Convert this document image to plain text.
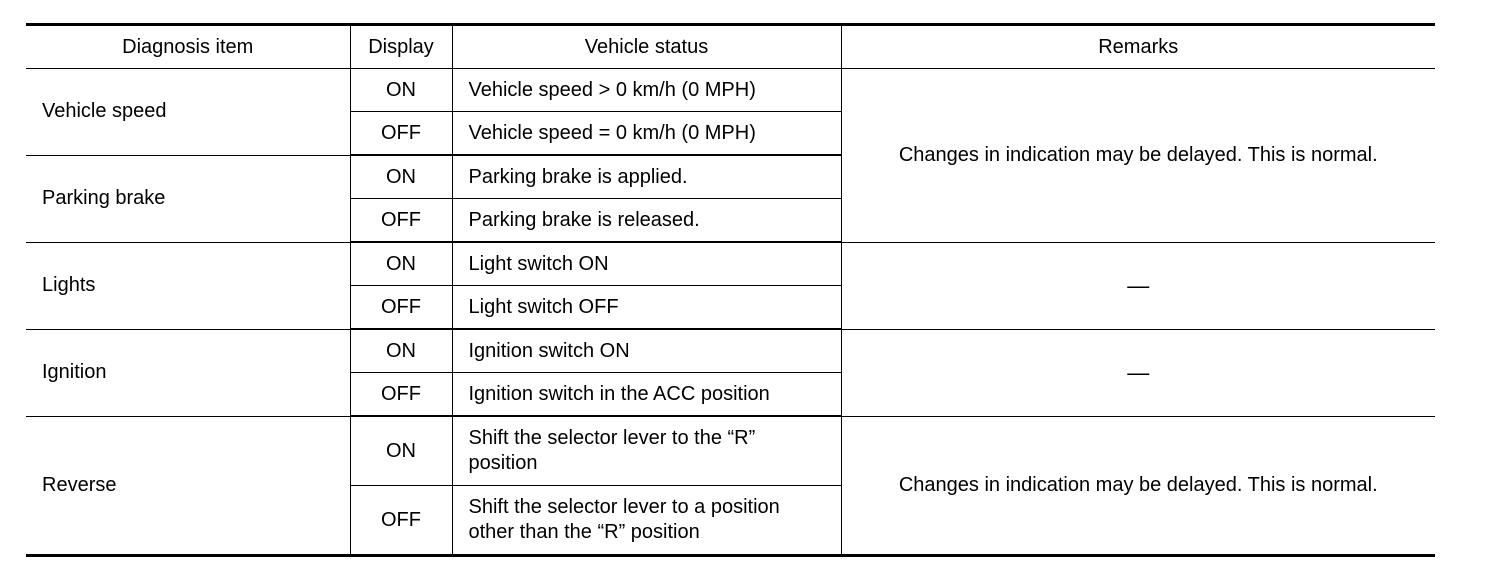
Diagnosis item	Display	Vehicle status	Remarks
Vehicle speed	ON	Vehicle speed > 0 km/h (0 MPH)	Changes in indication may be delayed. This is normal.
	OFF	Vehicle speed = 0 km/h (0 MPH)	
Parking brake	ON	Parking brake is applied.	
	OFF	Parking brake is released.	
Lights	ON	Light switch ON	—
	OFF	Light switch OFF	
Ignition	ON	Ignition switch ON	—
	OFF	Ignition switch in the ACC position	
Reverse	ON	Shift the selector lever to the “R” position	Changes in indication may be delayed. This is normal.
	OFF	Shift the selector lever to a position other than the “R” position	
